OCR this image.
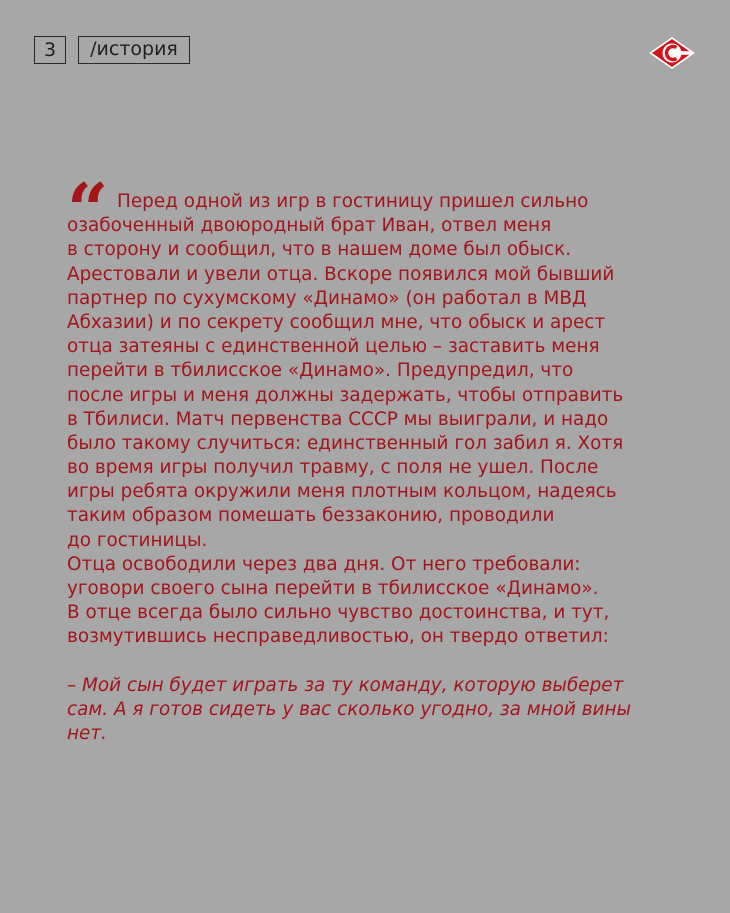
3 /история
“ Перед одной из игр в гостиницу пришел сильно
озабоченный двоюродный брат Иван, отвел меня
в сторону и сообщил, что в нашем доме был обыск.
Арестовали и увели отца. Вскоре появился мой бывший
партнер по сухумскому «Динамо» (он работал в МВД
Абхазии) и по секрету сообщил мне, что обыск и арест
отца затеяны с единственной целью – заставить меня
перейти в тбилисское «Динамо». Предупредил, что
после игры и меня должны задержать, чтобы отправить
в Тбилиси. Матч первенства СССР мы выиграли, и надо
было такому случиться: единственный гол забил я. Хотя
во время игры получил травму, с поля не ушел. После
игры ребята окружили меня плотным кольцом, надеясь
таким образом помешать беззаконию, проводили
до гостиницы.
Отца освободили через два дня. От него требовали:
уговори своего сына перейти в тбилисское «Динамо».
В отце всегда было сильно чувство достоинства, и тут,
возмутившись несправедливостью, он твердо ответил:
– Мой сын будет играть за ту команду, которую выберет
сам. А я готов сидеть у вас сколько угодно, за мной вины
нет.
